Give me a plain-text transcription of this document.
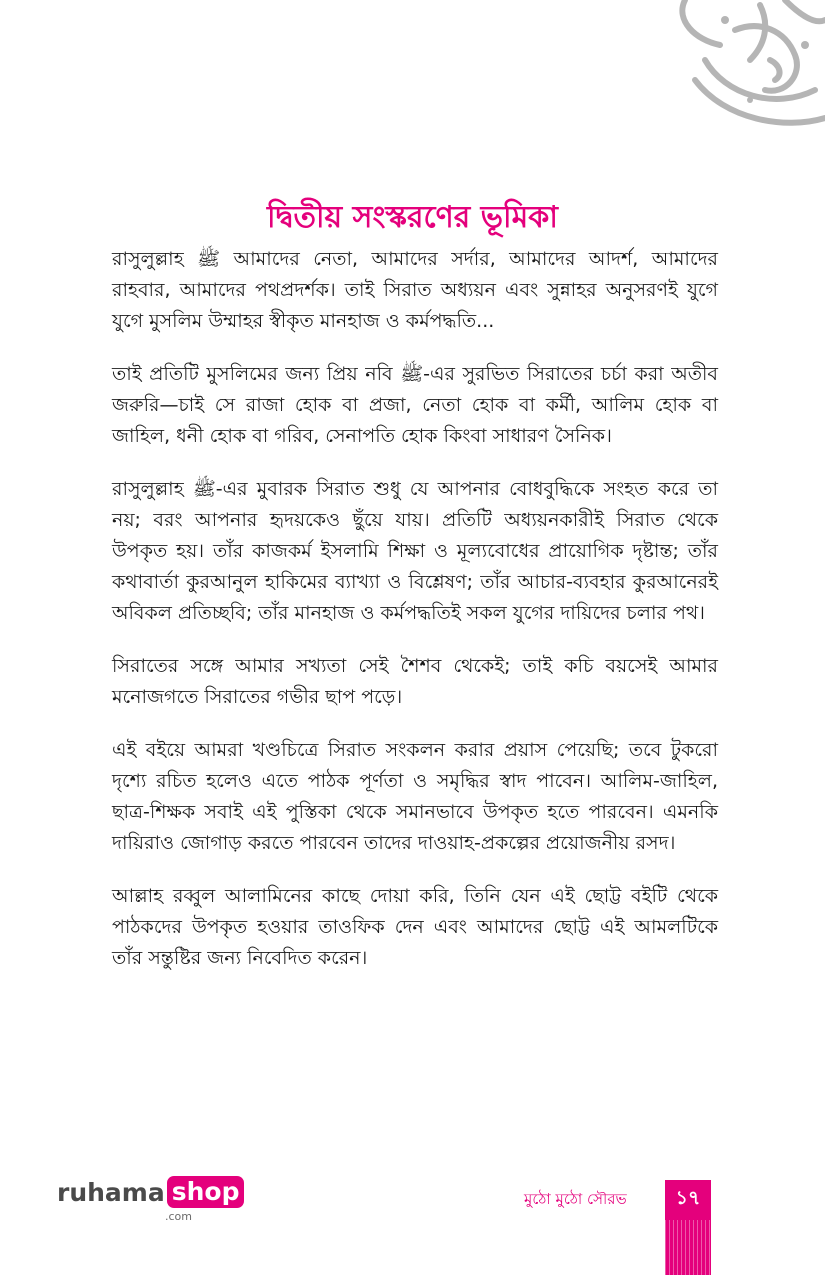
দ্বিতীয় সংস্করণের ভূমিকা

রাসুলুল্লাহ ﷺ আমাদের নেতা, আমাদের সর্দার, আমাদের আদর্শ, আমাদের রাহবার, আমাদের পথপ্রদর্শক। তাই সিরাত অধ্যয়ন এবং সুন্নাহর অনুসরণই যুগে যুগে মুসলিম উম্মাহর স্বীকৃত মানহাজ ও কর্মপদ্ধতি...

তাই প্রতিটি মুসলিমের জন্য প্রিয় নবি ﷺ-এর সুরভিত সিরাতের চর্চা করা অতীব জরুরি—চাই সে রাজা হোক বা প্রজা, নেতা হোক বা কর্মী, আলিম হোক বা জাহিল, ধনী হোক বা গরিব, সেনাপতি হোক কিংবা সাধারণ সৈনিক।

রাসুলুল্লাহ ﷺ-এর মুবারক সিরাত শুধু যে আপনার বোধবুদ্ধিকে সংহত করে তা নয়; বরং আপনার হৃদয়কেও ছুঁয়ে যায়। প্রতিটি অধ্যয়নকারীই সিরাত থেকে উপকৃত হয়। তাঁর কাজকর্ম ইসলামি শিক্ষা ও মূল্যবোধের প্রায়োগিক দৃষ্টান্ত; তাঁর কথাবার্তা কুরআনুল হাকিমের ব্যাখ্যা ও বিশ্লেষণ; তাঁর আচার-ব্যবহার কুরআনেরই অবিকল প্রতিচ্ছবি; তাঁর মানহাজ ও কর্মপদ্ধতিই সকল যুগের দায়িদের চলার পথ।

সিরাতের সঙ্গে আমার সখ্যতা সেই শৈশব থেকেই; তাই কচি বয়সেই আমার মনোজগতে সিরাতের গভীর ছাপ পড়ে।

এই বইয়ে আমরা খণ্ডচিত্রে সিরাত সংকলন করার প্রয়াস পেয়েছি; তবে টুকরো দৃশ্যে রচিত হলেও এতে পাঠক পূর্ণতা ও সমৃদ্ধির স্বাদ পাবেন। আলিম-জাহিল, ছাত্র-শিক্ষক সবাই এই পুস্তিকা থেকে সমানভাবে উপকৃত হতে পারবেন। এমনকি দায়িরাও জোগাড় করতে পারবেন তাদের দাওয়াহ-প্রকল্পের প্রয়োজনীয় রসদ।

আল্লাহ রব্বুল আলামিনের কাছে দোয়া করি, তিনি যেন এই ছোট্ট বইটি থেকে পাঠকদের উপকৃত হওয়ার তাওফিক দেন এবং আমাদের ছোট্ট এই আমলটিকে তাঁর সন্তুষ্টির জন্য নিবেদিত করেন।

ruhama shop
.com
মুঠো মুঠো সৌরভ	১৭
